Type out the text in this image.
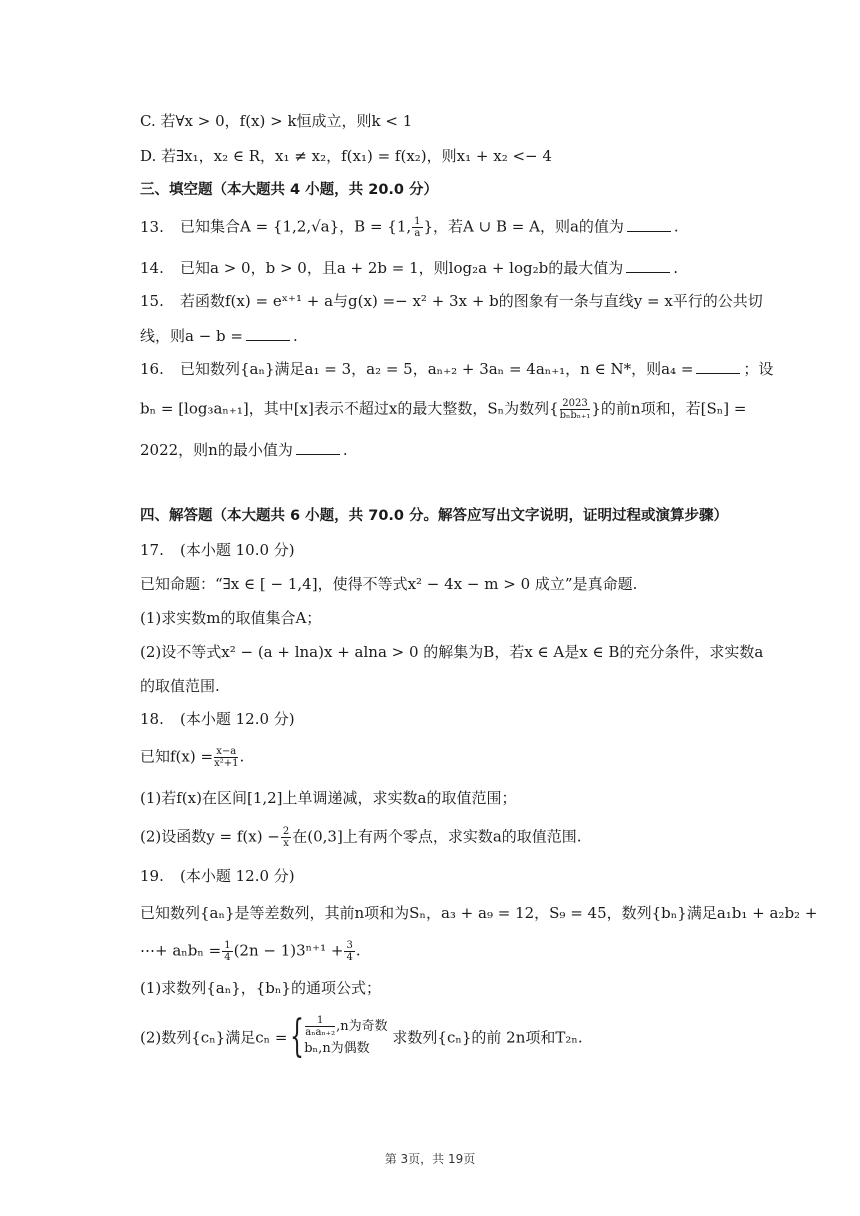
C. 若∀x > 0，f(x) > k恒成立，则k < 1
D. 若∃x₁，x₂ ∈ R，x₁ ≠ x₂，f(x₁) = f(x₂)，则x₁ + x₂ <− 4
三、填空题（本大题共 4 小题，共 20.0 分）
13. 已知集合A = {1,2,√a}，B = {1, $\frac{1}{a}$ }，若A ∪ B = A，则a的值为	.
14. 已知a > 0，b > 0，且a + 2b = 1，则log₂a + log₂b的最大值为	.
15. 若函数f(x) = eˣ⁺¹ + a与g(x) =− x² + 3x + b的图象有一条与直线y = x平行的公共切
线，则a − b =	.
16. 已知数列{aₙ}满足a₁ = 3，a₂ = 5，aₙ₊₂ + 3aₙ = 4aₙ₊₁，n ∈ N*，则a₄ =	；设
bₙ = [log₃aₙ₊₁]，其中[x]表示不超过x的最大整数，Sₙ为数列{ $\frac{2023}{\text{bₙbₙ₊₁}}$ }的前n项和，若[Sₙ] =
2022，则n的最小值为	.
四、解答题（本大题共 6 小题，共 70.0 分。解答应写出文字说明，证明过程或演算步骤）
17. (本小题 10.0 分)
已知命题：“∃x ∈ [ − 1,4]，使得不等式x² − 4x − m > 0 成立”是真命题.
(1)求实数m的取值集合A；
(2)设不等式x² − (a + lna)x + alna > 0 的解集为B，若x ∈ A是x ∈ B的充分条件，求实数a
的取值范围.
18. (本小题 12.0 分)
已知$f(x) = \frac{x-a}{\text{x²+1}}$ .
(1)若f(x)在区间[1,2]上单调递减，求实数a的取值范围；
(2)设函数$y = f(x) - \frac{2}{x}$ 在(0,3]上有两个零点，求实数a的取值范围.
19. (本小题 12.0 分)
已知数列{aₙ}是等差数列，其前n项和为Sₙ，a₃ + a₉ = 12，S₉ = 45，数列{bₙ}满足a₁b₁ + a₂b₂ +
⋯+ $a_nb_n = \frac{1}{4} (2n - 1)3^{n+1} + \frac{3}{4}$ .
(1)求数列{aₙ}，{bₙ}的通项公式；
(2)数列{cₙ}满足cₙ = { $\frac{1}{\text{aₙaₙ₊₂}} ,n$为奇数
bₙ,n为偶数
求数列{cₙ}的前 2n项和T₂ₙ.
第 3页，共 19页
